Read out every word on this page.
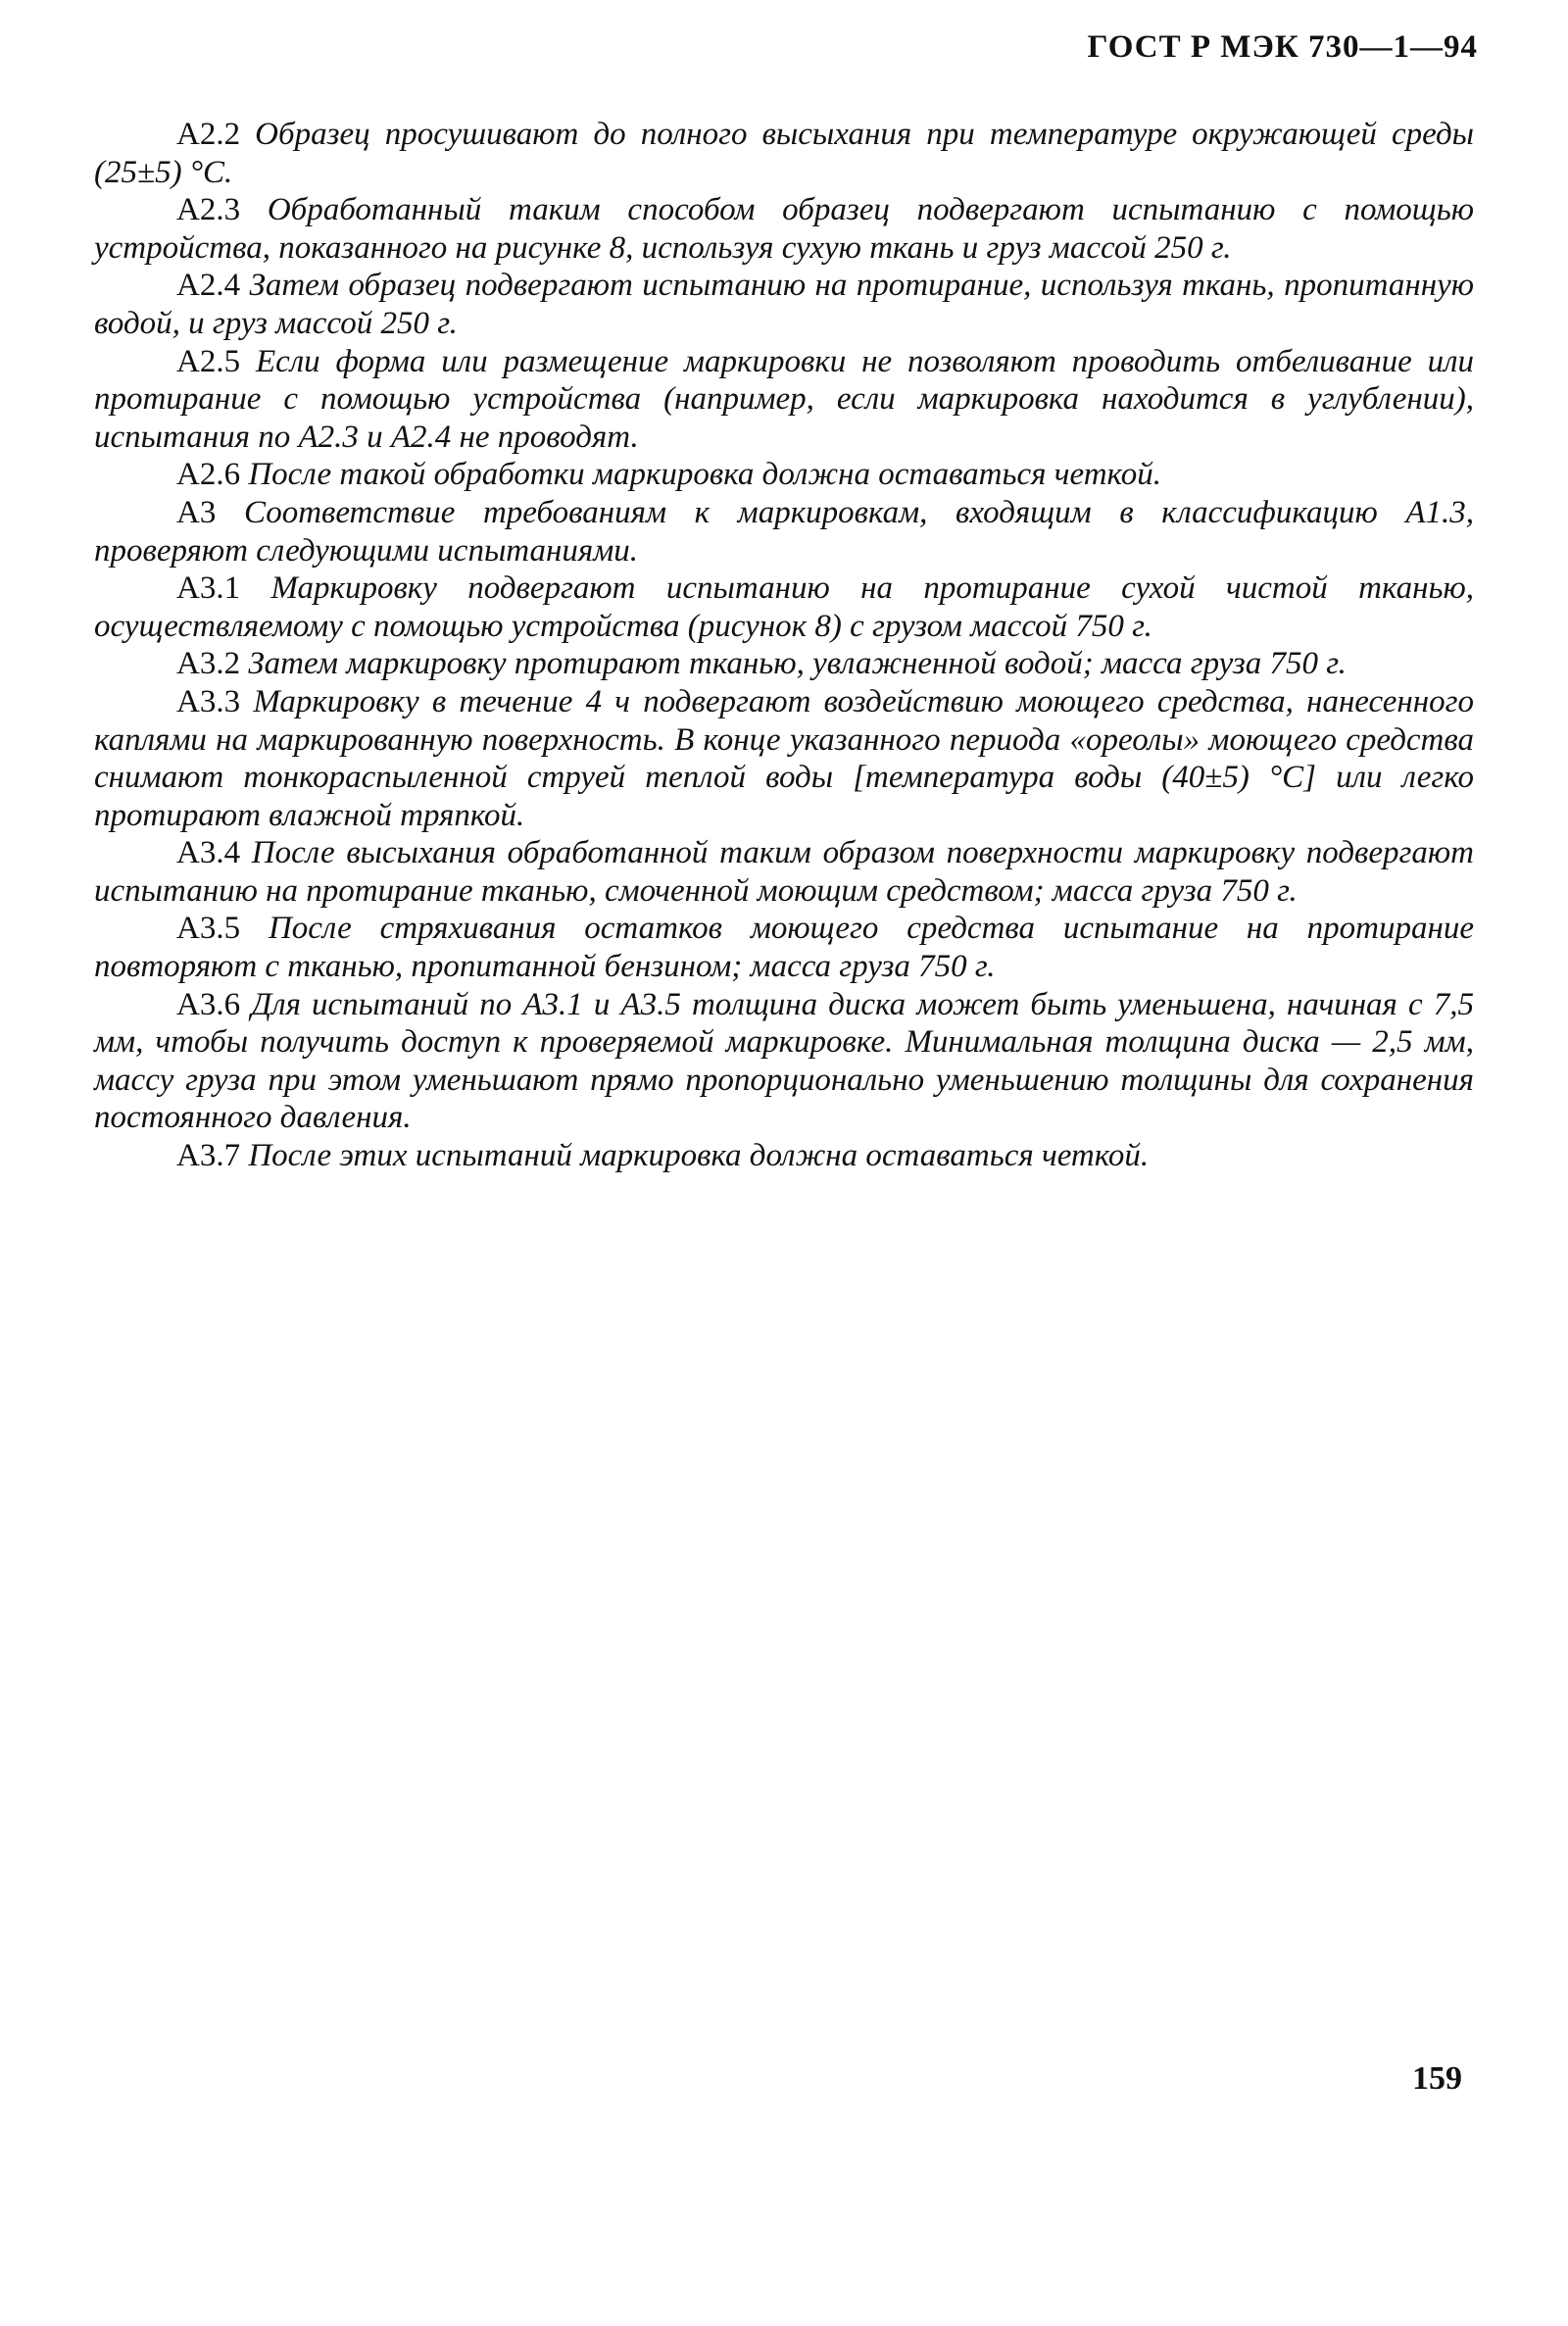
ГОСТ Р МЭК 730—1—94

А2.2 Образец просушивают до полного высыхания при температуре окружающей среды (25±5) °С.

А2.3 Обработанный таким способом образец подвергают испытанию с помощью устройства, показанного на рисунке 8, используя сухую ткань и груз массой 250 г.

А2.4 Затем образец подвергают испытанию на протирание, используя ткань, пропитанную водой, и груз массой 250 г.

А2.5 Если форма или размещение маркировки не позволяют проводить отбеливание или протирание с помощью устройства (например, если маркировка находится в углублении), испытания по А2.3 и А2.4 не проводят.

А2.6 После такой обработки маркировка должна оставаться четкой.

А3 Соответствие требованиям к маркировкам, входящим в классификацию А1.3, проверяют следующими испытаниями.

А3.1 Маркировку подвергают испытанию на протирание сухой чистой тканью, осуществляемому с помощью устройства (рисунок 8) с грузом массой 750 г.

А3.2 Затем маркировку протирают тканью, увлажненной водой; масса груза 750 г.

А3.3 Маркировку в течение 4 ч подвергают воздействию моющего средства, нанесенного каплями на маркированную поверхность. В конце указанного периода «ореолы» моющего средства снимают тонкораспыленной струей теплой воды [температура воды (40±5) °С] или легко протирают влажной тряпкой.

А3.4 После высыхания обработанной таким образом поверхности маркировку подвергают испытанию на протирание тканью, смоченной моющим средством; масса груза 750 г.

А3.5 После стряхивания остатков моющего средства испытание на протирание повторяют с тканью, пропитанной бензином; масса груза 750 г.

А3.6 Для испытаний по А3.1 и А3.5 толщина диска может быть уменьшена, начиная с 7,5 мм, чтобы получить доступ к проверяемой маркировке. Минимальная толщина диска — 2,5 мм, массу груза при этом уменьшают прямо пропорционально уменьшению толщины для сохранения постоянного давления.

А3.7 После этих испытаний маркировка должна оставаться четкой.

159
